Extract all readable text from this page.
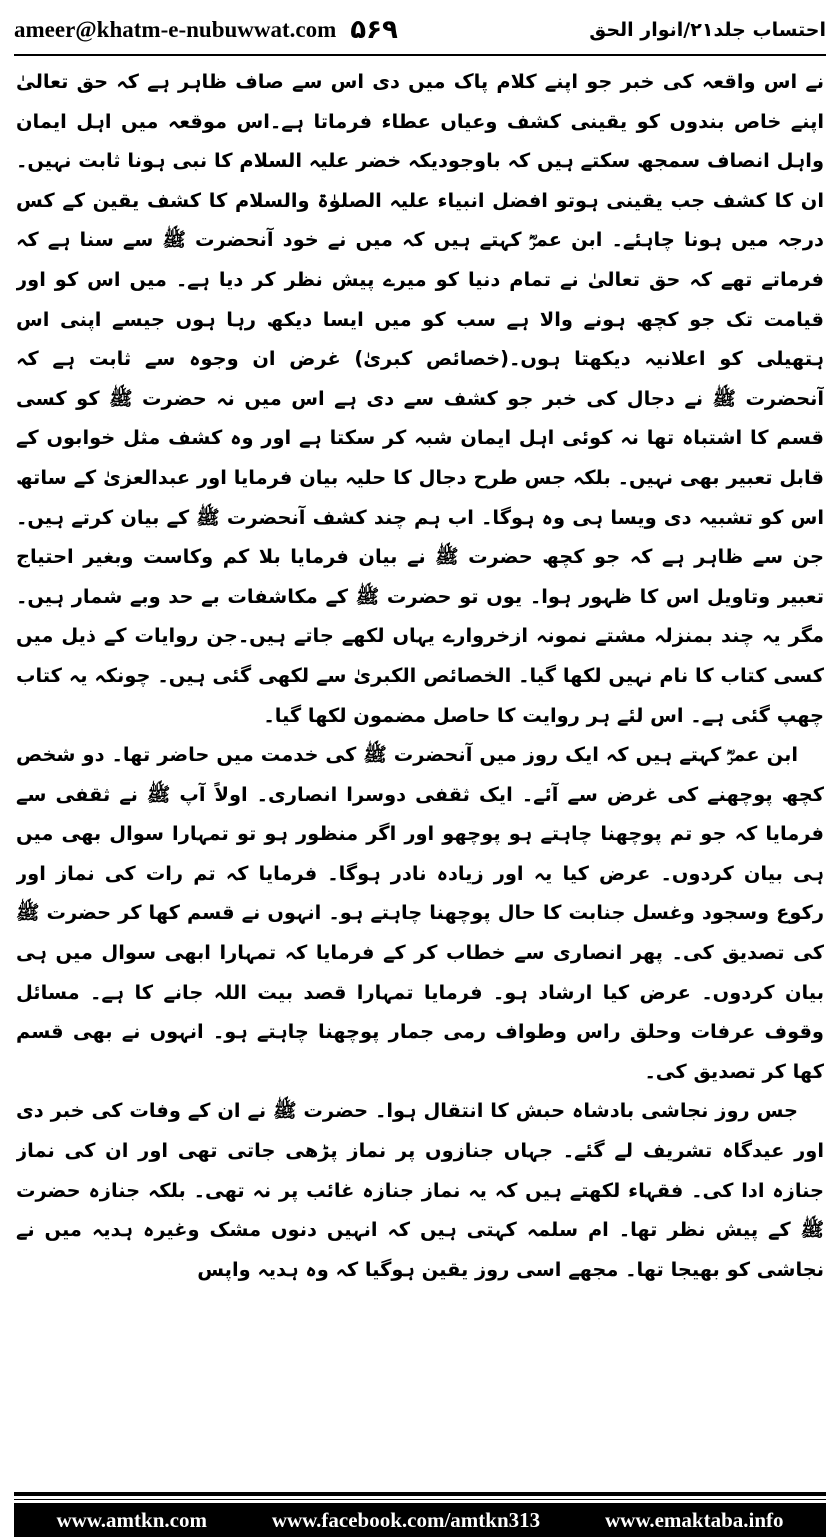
ameer@khatm-e-nubuwwat.com ۵۶۹	احتساب جلد۲۱/انوار الحق

نے اس واقعہ کی خبر جو اپنے کلام پاک میں دی اس سے صاف ظاہر ہے کہ حق تعالیٰ اپنے خاص بندوں کو یقینی کشف وعیاں عطاء فرماتا ہے۔اس موقعہ میں اہل ایمان واہل انصاف سمجھ سکتے ہیں کہ باوجودیکہ خضر علیہ السلام کا نبی ہونا ثابت نہیں۔ان کا کشف جب یقینی ہوتو افضل انبیاء علیہ الصلوٰۃ والسلام کا کشف یقین کے کس درجہ میں ہونا چاہئے۔ ابن عمرؓ کہتے ہیں کہ میں نے خود آنحضرت ﷺ سے سنا ہے کہ فرماتے تھے کہ حق تعالیٰ نے تمام دنیا کو میرے پیش نظر کر دیا ہے۔ میں اس کو اور قیامت تک جو کچھ ہونے والا ہے سب کو میں ایسا دیکھ رہا ہوں جیسے اپنی اس ہتھیلی کو اعلانیہ دیکھتا ہوں۔(خصائص کبریٰ) غرض ان وجوہ سے ثابت ہے کہ آنحضرت ﷺ نے دجال کی خبر جو کشف سے دی ہے اس میں نہ حضرت ﷺ کو کسی قسم کا اشتباہ تھا نہ کوئی اہل ایمان شبہ کر سکتا ہے اور وہ کشف مثل خوابوں کے قابل تعبیر بھی نہیں۔ بلکہ جس طرح دجال کا حلیہ بیان فرمایا اور عبدالعزیٰ کے ساتھ اس کو تشبیہ دی ویسا ہی وہ ہوگا۔ اب ہم چند کشف آنحضرت ﷺ کے بیان کرتے ہیں۔جن سے ظاہر ہے کہ جو کچھ حضرت ﷺ نے بیان فرمایا بلا کم وکاست وبغیر احتیاج تعبیر وتاویل اس کا ظہور ہوا۔ یوں تو حضرت ﷺ کے مکاشفات بے حد وبے شمار ہیں۔ مگر یہ چند بمنزلہ مشتے نمونہ ازخروارے یہاں لکھے جاتے ہیں۔جن روایات کے ذیل میں کسی کتاب کا نام نہیں لکھا گیا۔ الخصائص الکبریٰ سے لکھی گئی ہیں۔ چونکہ یہ کتاب چھپ گئی ہے۔ اس لئے ہر روایت کا حاصل مضمون لکھا گیا۔

ابن عمرؓ کہتے ہیں کہ ایک روز میں آنحضرت ﷺ کی خدمت میں حاضر تھا۔ دو شخص کچھ پوچھنے کی غرض سے آئے۔ ایک ثقفی دوسرا انصاری۔ اولاً آپ ﷺ نے ثقفی سے فرمایا کہ جو تم پوچھنا چاہتے ہو پوچھو اور اگر منظور ہو تو تمہارا سوال بھی میں ہی بیان کردوں۔ عرض کیا یہ اور زیادہ نادر ہوگا۔ فرمایا کہ تم رات کی نماز اور رکوع وسجود وغسل جنابت کا حال پوچھنا چاہتے ہو۔ انہوں نے قسم کھا کر حضرت ﷺ کی تصدیق کی۔ پھر انصاری سے خطاب کر کے فرمایا کہ تمہارا ابھی سوال میں ہی بیان کردوں۔ عرض کیا ارشاد ہو۔ فرمایا تمہارا قصد بیت اللہ جانے کا ہے۔ مسائل وقوف عرفات وحلق راس وطواف رمی جمار پوچھنا چاہتے ہو۔ انہوں نے بھی قسم کھا کر تصدیق کی۔

جس روز نجاشی بادشاہ حبش کا انتقال ہوا۔ حضرت ﷺ نے ان کے وفات کی خبر دی اور عیدگاہ تشریف لے گئے۔ جہاں جنازوں پر نماز پڑھی جاتی تھی اور ان کی نماز جنازہ ادا کی۔ فقہاء لکھتے ہیں کہ یہ نماز جنازہ غائب پر نہ تھی۔ بلکہ جنازہ حضرت ﷺ کے پیش نظر تھا۔ ام سلمہ کہتی ہیں کہ انہیں دنوں مشک وغیرہ ہدیہ میں نے نجاشی کو بھیجا تھا۔ مجھے اسی روز یقین ہوگیا کہ وہ ہدیہ واپس

www.amtkn.com	www.facebook.com/amtkn313	www.emaktaba.info
